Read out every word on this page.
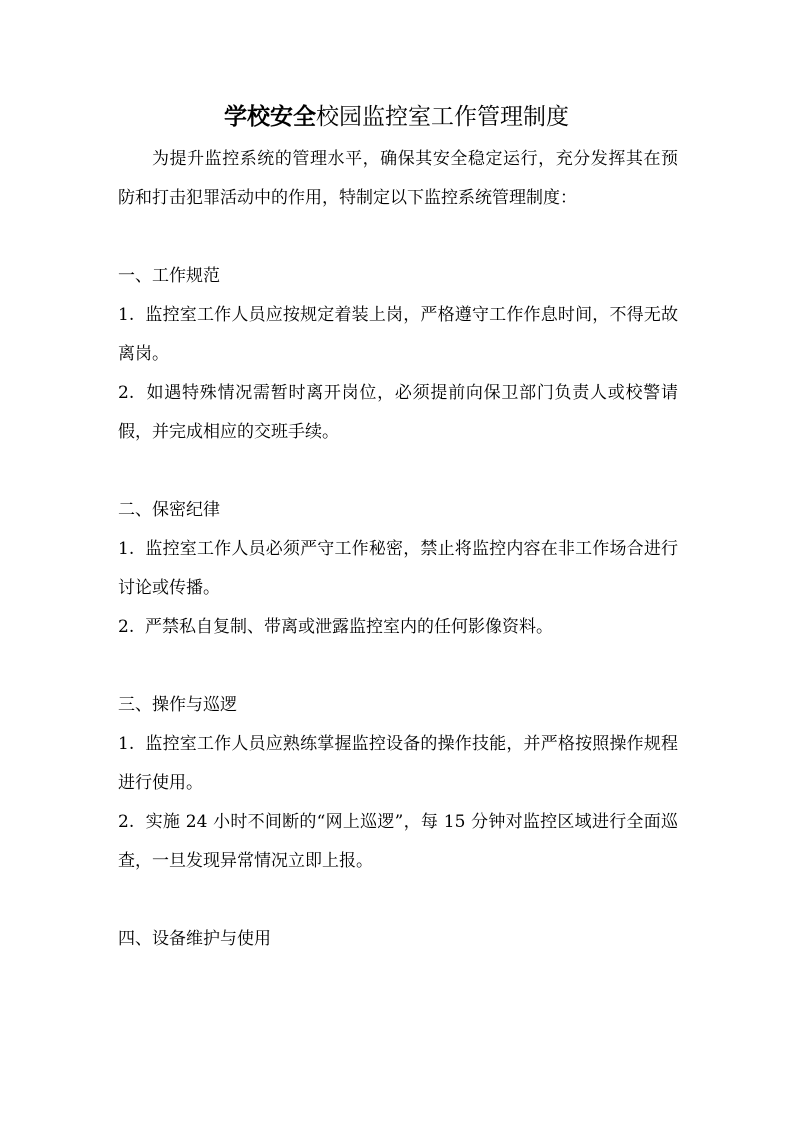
学校安全校园监控室工作管理制度

为提升监控系统的管理水平，确保其安全稳定运行，充分发挥其在预防和打击犯罪活动中的作用，特制定以下监控系统管理制度：

一、工作规范

1. 监控室工作人员应按规定着装上岗，严格遵守工作作息时间，不得无故离岗。

2. 如遇特殊情况需暂时离开岗位，必须提前向保卫部门负责人或校警请假，并完成相应的交班手续。

二、保密纪律

1. 监控室工作人员必须严守工作秘密，禁止将监控内容在非工作场合进行讨论或传播。

2. 严禁私自复制、带离或泄露监控室内的任何影像资料。

三、操作与巡逻

1. 监控室工作人员应熟练掌握监控设备的操作技能，并严格按照操作规程进行使用。

2. 实施 24 小时不间断的“网上巡逻”，每 15 分钟对监控区域进行全面巡查，一旦发现异常情况立即上报。

四、设备维护与使用
